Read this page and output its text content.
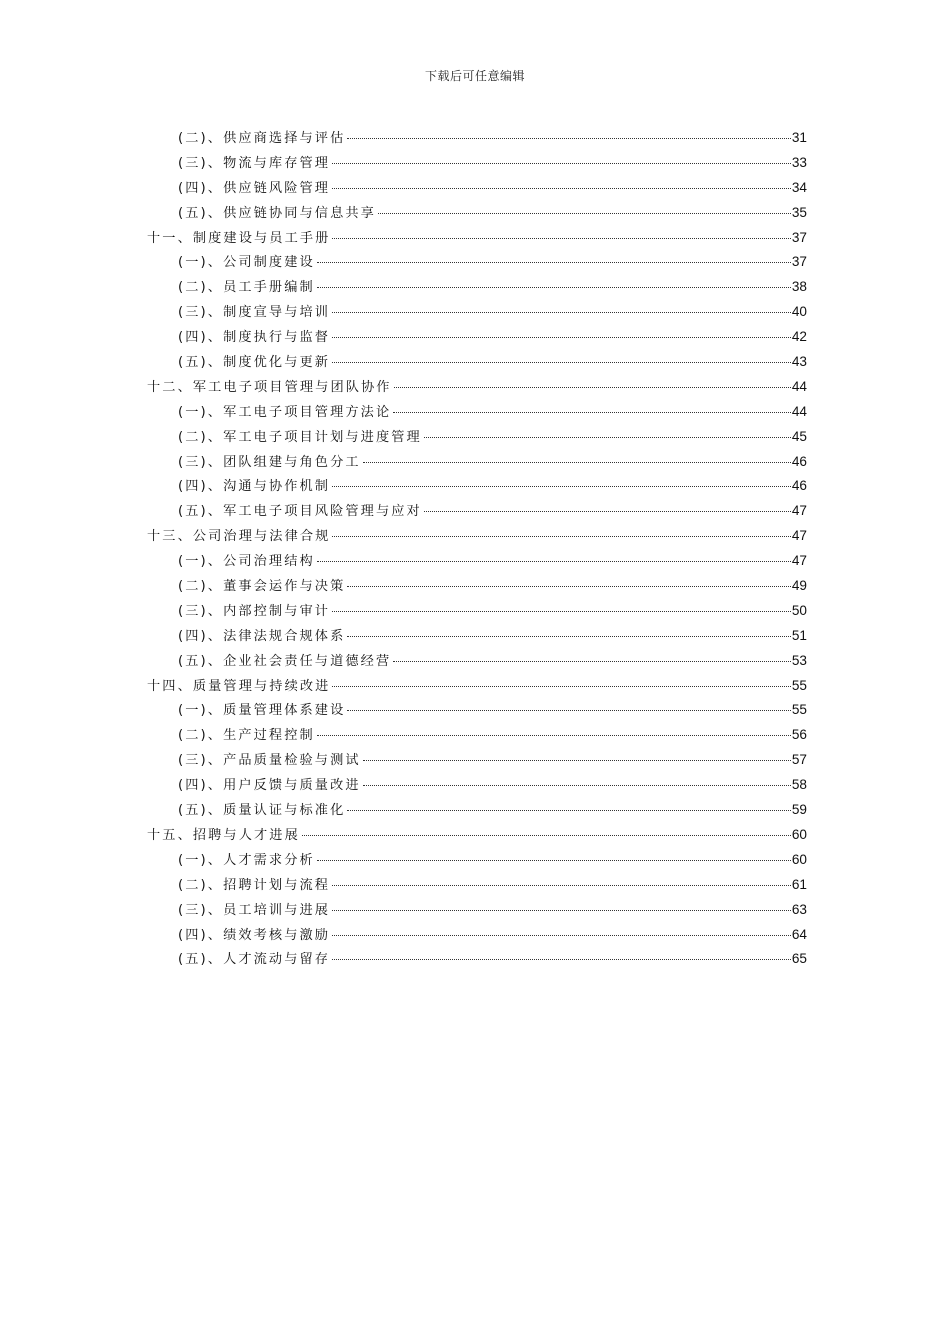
下载后可任意编辑
(二)、供应商选择与评估	31
(三)、物流与库存管理	33
(四)、供应链风险管理	34
(五)、供应链协同与信息共享	35
十一、制度建设与员工手册	37
(一)、公司制度建设	37
(二)、员工手册编制	38
(三)、制度宣导与培训	40
(四)、制度执行与监督	42
(五)、制度优化与更新	43
十二、军工电子项目管理与团队协作	44
(一)、军工电子项目管理方法论	44
(二)、军工电子项目计划与进度管理	45
(三)、团队组建与角色分工	46
(四)、沟通与协作机制	46
(五)、军工电子项目风险管理与应对	47
十三、公司治理与法律合规	47
(一)、公司治理结构	47
(二)、董事会运作与决策	49
(三)、内部控制与审计	50
(四)、法律法规合规体系	51
(五)、企业社会责任与道德经营	53
十四、质量管理与持续改进	55
(一)、质量管理体系建设	55
(二)、生产过程控制	56
(三)、产品质量检验与测试	57
(四)、用户反馈与质量改进	58
(五)、质量认证与标准化	59
十五、招聘与人才进展	60
(一)、人才需求分析	60
(二)、招聘计划与流程	61
(三)、员工培训与进展	63
(四)、绩效考核与激励	64
(五)、人才流动与留存	65
